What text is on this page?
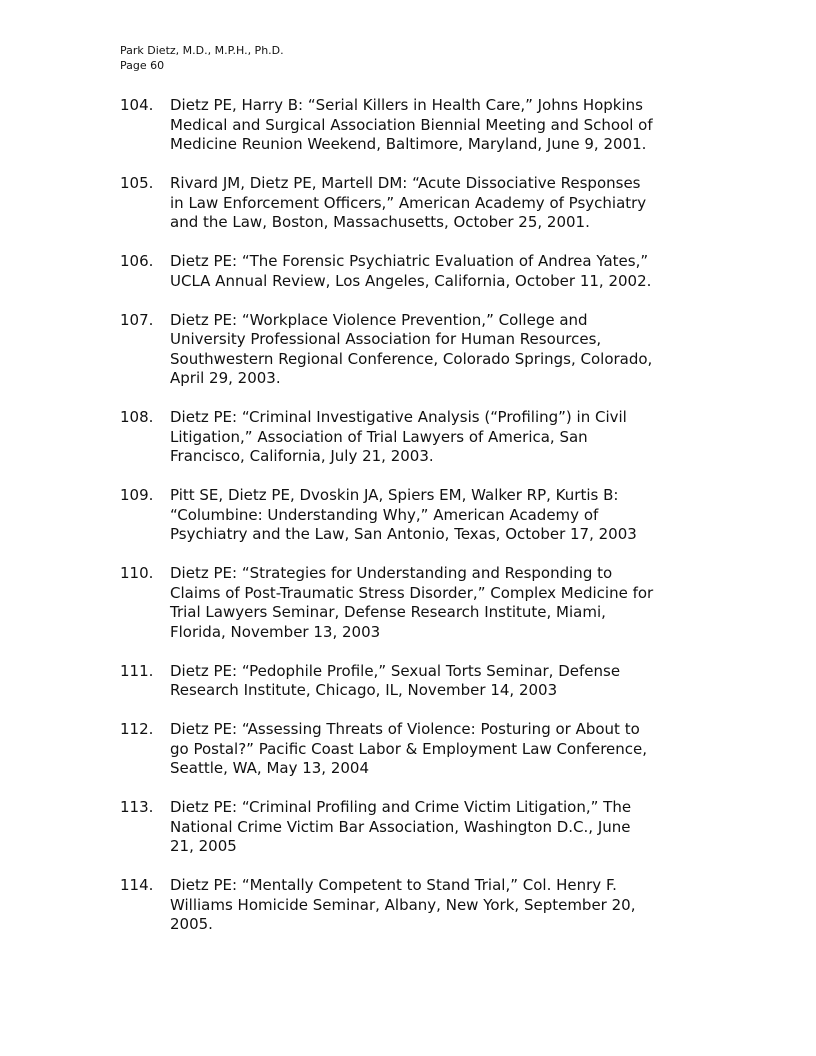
Park Dietz, M.D., M.P.H., Ph.D.
Page 60
104. Dietz PE, Harry B: “Serial Killers in Health Care,” Johns Hopkins
Medical and Surgical Association Biennial Meeting and School of
Medicine Reunion Weekend, Baltimore, Maryland, June 9, 2001.
105. Rivard JM, Dietz PE, Martell DM: “Acute Dissociative Responses
in Law Enforcement Officers,” American Academy of Psychiatry
and the Law, Boston, Massachusetts, October 25, 2001.
106. Dietz PE: “The Forensic Psychiatric Evaluation of Andrea Yates,”
UCLA Annual Review, Los Angeles, California, October 11, 2002.
107. Dietz PE: “Workplace Violence Prevention,” College and
University Professional Association for Human Resources,
Southwestern Regional Conference, Colorado Springs, Colorado,
April 29, 2003.
108. Dietz PE: “Criminal Investigative Analysis (“Profiling”) in Civil
Litigation,” Association of Trial Lawyers of America, San
Francisco, California, July 21, 2003.
109. Pitt SE, Dietz PE, Dvoskin JA, Spiers EM, Walker RP, Kurtis B:
“Columbine: Understanding Why,” American Academy of
Psychiatry and the Law, San Antonio, Texas, October 17, 2003
110. Dietz PE: “Strategies for Understanding and Responding to
Claims of Post-Traumatic Stress Disorder,” Complex Medicine for
Trial Lawyers Seminar, Defense Research Institute, Miami,
Florida, November 13, 2003
111. Dietz PE: “Pedophile Profile,” Sexual Torts Seminar, Defense
Research Institute, Chicago, IL, November 14, 2003
112. Dietz PE: “Assessing Threats of Violence: Posturing or About to
go Postal?” Pacific Coast Labor & Employment Law Conference,
Seattle, WA, May 13, 2004
113. Dietz PE: “Criminal Profiling and Crime Victim Litigation,” The
National Crime Victim Bar Association, Washington D.C., June
21, 2005
114. Dietz PE: “Mentally Competent to Stand Trial,” Col. Henry F.
Williams Homicide Seminar, Albany, New York, September 20,
2005.
